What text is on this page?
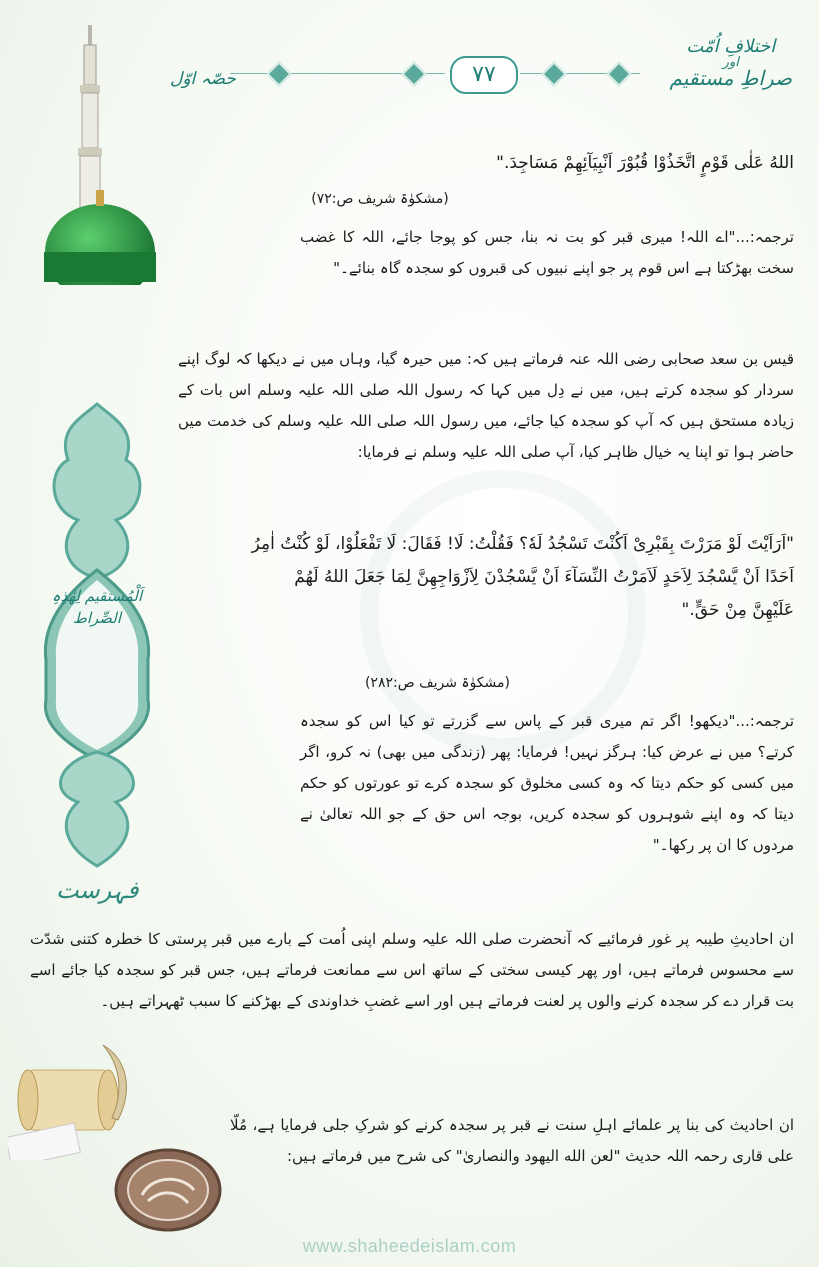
اختلافِ اُمّت
اور
صراطِ مستقیم
۷۷
حصّہ اوّل
اَلْمُستقیم لِھٰذِہِ الصِّراط
فہرست
اللهُ عَلٰى قَوْمٍ اتَّخَذُوْا قُبُوْرَ اَنْبِيَآئِهِمْ مَسَاجِدَ."
(مشکوٰۃ شریف ص:۷۲)

ترجمہ:..."اے اللہ! میری قبر کو بت نہ بنا، جس کو پوجا جائے، اللہ کا غضب سخت بھڑکتا ہے اس قوم پر جو اپنے نبیوں کی قبروں کو سجدہ گاہ بنائے۔"

قیس بن سعد صحابی رضی اللہ عنہ فرماتے ہیں کہ: میں حیرہ گیا، وہاں میں نے دیکھا کہ لوگ اپنے سردار کو سجدہ کرتے ہیں، میں نے دِل میں کہا کہ رسول اللہ صلی اللہ علیہ وسلم اس بات کے زیادہ مستحق ہیں کہ آپ کو سجدہ کیا جائے، میں رسول اللہ صلی اللہ علیہ وسلم کی خدمت میں حاضر ہوا تو اپنا یہ خیال ظاہر کیا، آپ صلی اللہ علیہ وسلم نے فرمایا:

"اَرَاَيْتَ لَوْ مَرَرْتَ بِقَبْرِىْ اَكُنْتَ تَسْجُدُ لَهٗ؟ فَقُلْتُ: لَا! فَقَالَ: لَا تَفْعَلُوْا، لَوْ كُنْتُ اٰمِرُ اَحَدًا اَنْ يَّسْجُدَ لِاَحَدٍ لَاَمَرْتُ النِّسَآءَ اَنْ يَّسْجُدْنَ لِاَزْوَاجِهِنَّ لِمَا جَعَلَ اللهُ لَهُمْ عَلَيْهِنَّ مِنْ حَقٍّ."
(مشکوٰۃ شریف ص:۲۸۲)

ترجمہ:..."دیکھو! اگر تم میری قبر کے پاس سے گزرتے تو کیا اس کو سجدہ کرتے؟ میں نے عرض کیا: ہرگز نہیں! فرمایا: پھر (زندگی میں بھی) نہ کرو، اگر میں کسی کو حکم دیتا کہ وہ کسی مخلوق کو سجدہ کرے تو عورتوں کو حکم دیتا کہ وہ اپنے شوہروں کو سجدہ کریں، بوجہ اس حق کے جو اللہ تعالیٰ نے مردوں کا ان پر رکھا۔"

ان احادیثِ طیبہ پر غور فرمائیے کہ آنحضرت صلی اللہ علیہ وسلم اپنی اُمت کے بارے میں قبر پرستی کا خطرہ کتنی شدّت سے محسوس فرماتے ہیں، اور پھر کیسی سختی کے ساتھ اس سے ممانعت فرماتے ہیں، جس قبر کو سجدہ کیا جائے اسے بت قرار دے کر سجدہ کرنے والوں پر لعنت فرماتے ہیں اور اسے غضبِ خداوندی کے بھڑکنے کا سبب ٹھہراتے ہیں۔

ان احادیث کی بنا پر علمائے اہلِ سنت نے قبر پر سجدہ کرنے کو شرکِ جلی فرمایا ہے، مُلّا علی قاری رحمہ اللہ حدیث "لعن الله اليهود والنصارىٰ" کی شرح میں فرماتے ہیں:

www.shaheedeislam.com
